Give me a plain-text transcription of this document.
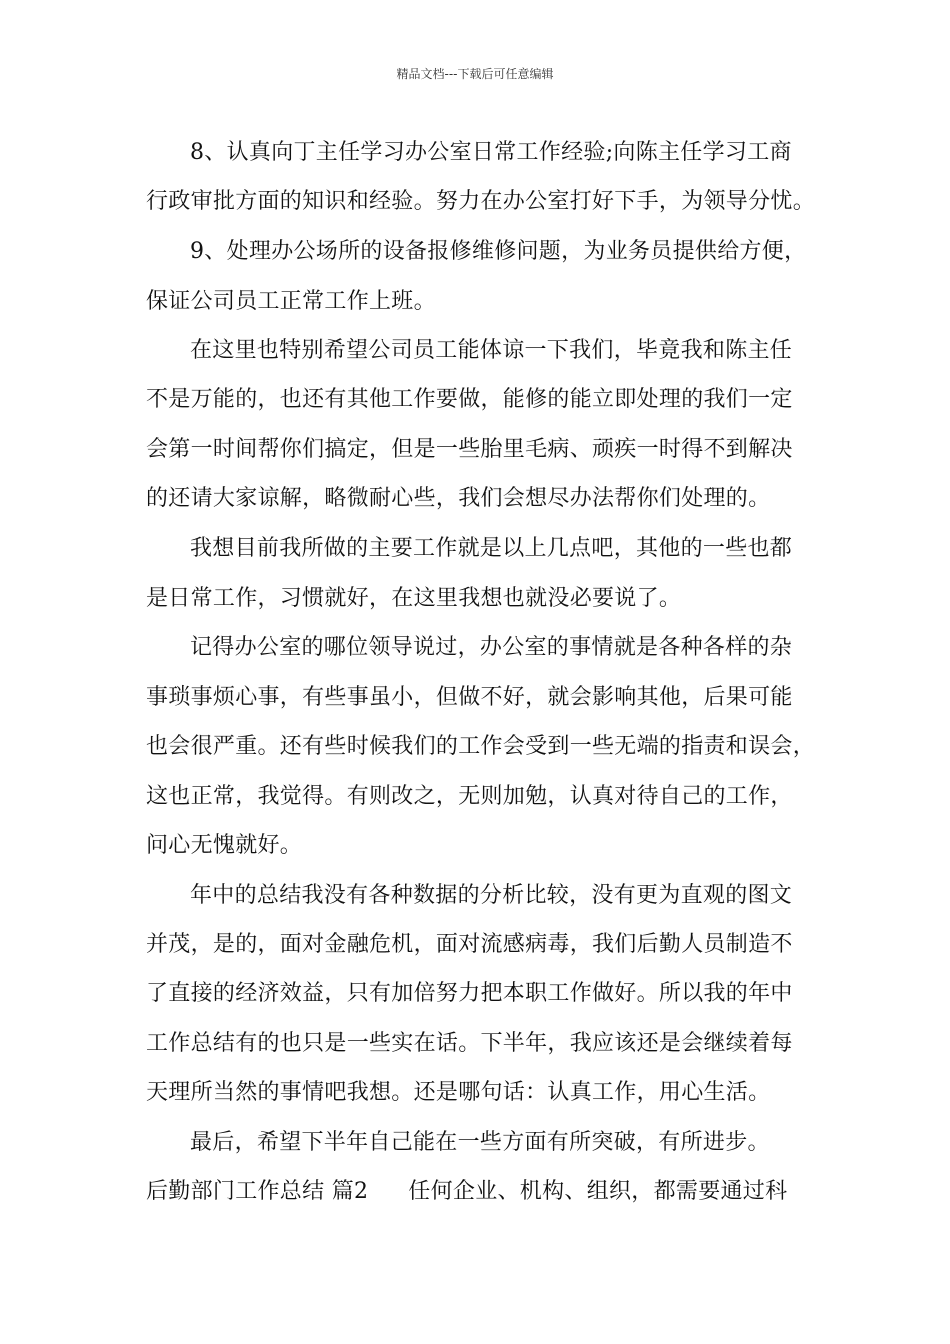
精品文档---下载后可任意编辑
8、认真向丁主任学习办公室日常工作经验;向陈主任学习工商
行政审批方面的知识和经验。努力在办公室打好下手，为领导分忧。
9、处理办公场所的设备报修维修问题，为业务员提供给方便，
保证公司员工正常工作上班。
在这里也特别希望公司员工能体谅一下我们，毕竟我和陈主任
不是万能的，也还有其他工作要做，能修的能立即处理的我们一定
会第一时间帮你们搞定，但是一些胎里毛病、顽疾一时得不到解决
的还请大家谅解，略微耐心些，我们会想尽办法帮你们处理的。
我想目前我所做的主要工作就是以上几点吧，其他的一些也都
是日常工作，习惯就好，在这里我想也就没必要说了。
记得办公室的哪位领导说过，办公室的事情就是各种各样的杂
事琐事烦心事，有些事虽小，但做不好，就会影响其他，后果可能
也会很严重。还有些时候我们的工作会受到一些无端的指责和误会，
这也正常，我觉得。有则改之，无则加勉，认真对待自己的工作，
问心无愧就好。
年中的总结我没有各种数据的分析比较，没有更为直观的图文
并茂，是的，面对金融危机，面对流感病毒，我们后勤人员制造不
了直接的经济效益，只有加倍努力把本职工作做好。所以我的年中
工作总结有的也只是一些实在话。下半年，我应该还是会继续着每
天理所当然的事情吧我想。还是哪句话：认真工作，用心生活。
最后，希望下半年自己能在一些方面有所突破，有所进步。
后勤部门工作总结 篇2 任何企业、机构、组织，都需要通过科
